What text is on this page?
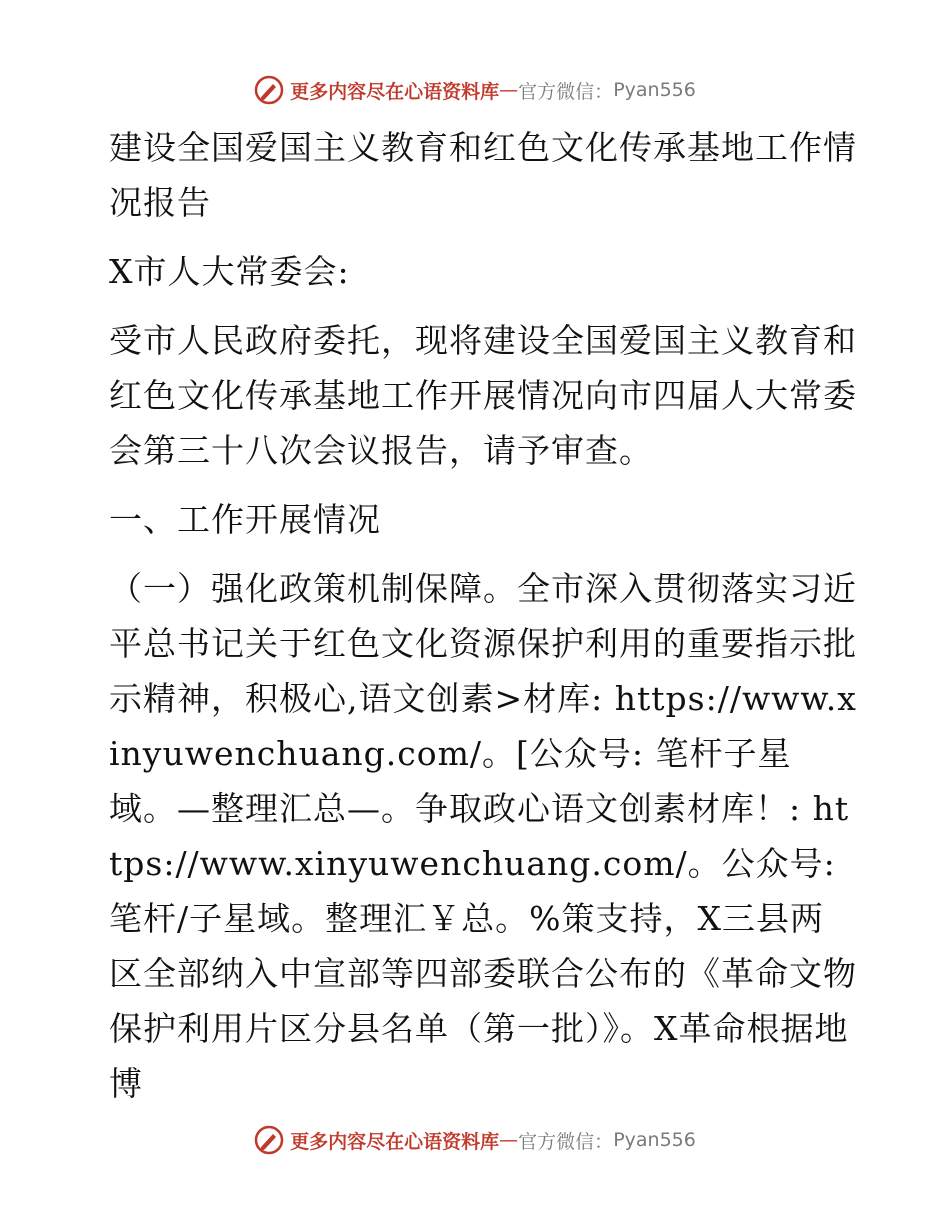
更多内容尽在心语资料库 — 官方微信： Pyan556

建设全国爱国主义教育和红色文化传承基地工作情况报告

X市人大常委会:

受市人民政府委托，现将建设全国爱国主义教育和红色文化传承基地工作开展情况向市四届人大常委会第三十八次会议报告，请予审查。

一、工作开展情况

（一）强化政策机制保障。全市深入贯彻落实习近平总书记关于红色文化资源保护利用的重要指示批示精神，积极心,语文创素>材库: https://www.xinyuwenchuang.com/。[公众号: 笔杆子星域。—整理汇总—。争取政心语文创素材库！: https://www.xinyuwenchuang.com/。公众号: 笔杆/子星域。整理汇￥总。%策支持，X三县两区全部纳入中宣部等四部委联合公布的《革命文物保护利用片区分县名单（第一批）》。X革命根据地博

更多内容尽在心语资料库 — 官方微信： Pyan556
